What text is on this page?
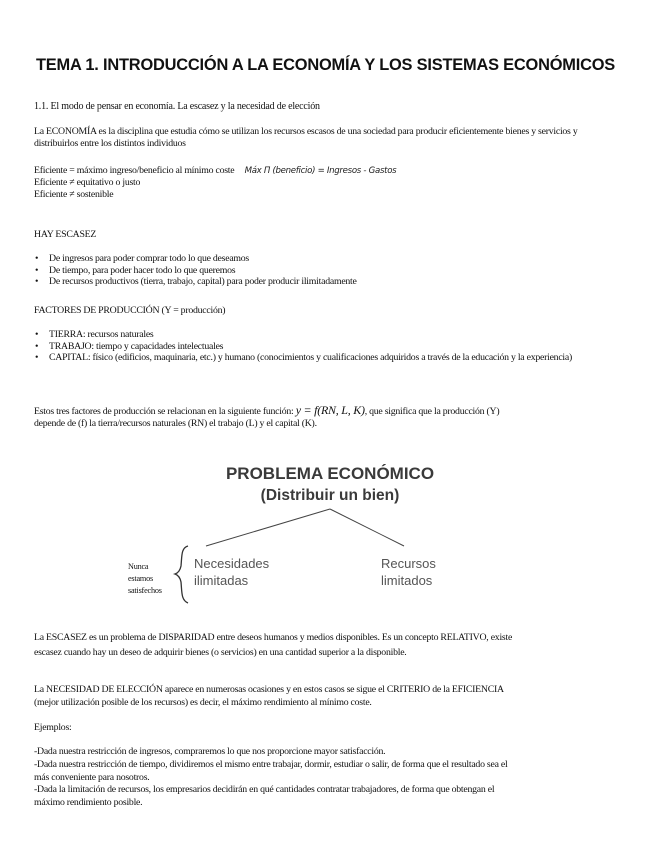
TEMA 1. INTRODUCCIÓN A LA ECONOMÍA Y LOS SISTEMAS ECONÓMICOS
1.1. El modo de pensar en economía. La escasez y la necesidad de elección
La ECONOMÍA es la disciplina que estudia cómo se utilizan los recursos escasos de una sociedad para producir eficientemente bienes y servicios y distribuirlos entre los distintos individuos
Eficiente = máximo ingreso/beneficio al mínimo coste Máx Π (beneficio) = Ingresos - Gastos
Eficiente ≠ equitativo o justo
Eficiente ≠ sostenible
HAY ESCASEZ
• De ingresos para poder comprar todo lo que deseamos
• De tiempo, para poder hacer todo lo que queremos
• De recursos productivos (tierra, trabajo, capital) para poder producir ilimitadamente
FACTORES DE PRODUCCIÓN (Y = producción)
• TIERRA: recursos naturales
• TRABAJO: tiempo y capacidades intelectuales
• CAPITAL: físico (edificios, maquinaria, etc.) y humano (conocimientos y cualificaciones adquiridos a través de la educación y la experiencia)
Estos tres factores de producción se relacionan en la siguiente función: y = f(RN, L, K), que significa que la producción (Y)
depende de (f) la tierra/recursos naturales (RN) el trabajo (L) y el capital (K).
PROBLEMA ECONÓMICO
(Distribuir un bien)
Necesidades
ilimitadas
Recursos
limitados
Nunca
estamos
satisfechos
La ESCASEZ es un problema de DISPARIDAD entre deseos humanos y medios disponibles. Es un concepto RELATIVO, existe
escasez cuando hay un deseo de adquirir bienes (o servicios) en una cantidad superior a la disponible.
La NECESIDAD DE ELECCIÓN aparece en numerosas ocasiones y en estos casos se sigue el CRITERIO de la EFICIENCIA
(mejor utilización posible de los recursos) es decir, el máximo rendimiento al mínimo coste.
Ejemplos:
-Dada nuestra restricción de ingresos, compraremos lo que nos proporcione mayor satisfacción.
-Dada nuestra restricción de tiempo, dividiremos el mismo entre trabajar, dormir, estudiar o salir, de forma que el resultado sea el
más conveniente para nosotros.
-Dada la limitación de recursos, los empresarios decidirán en qué cantidades contratar trabajadores, de forma que obtengan el
máximo rendimiento posible.
